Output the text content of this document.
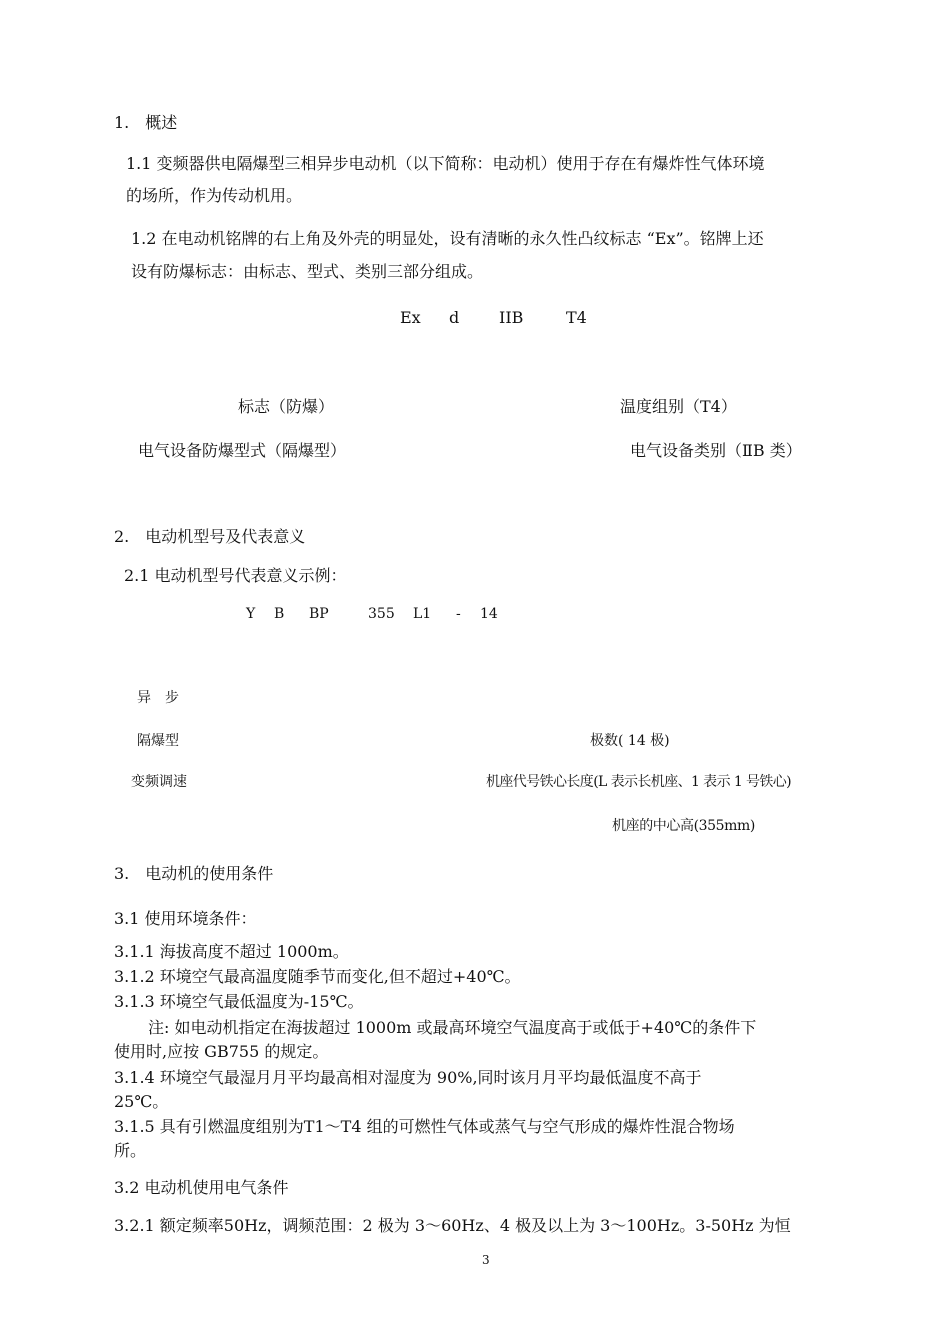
1.　概述
1.1 变频器供电隔爆型三相异步电动机（以下简称：电动机）使用于存在有爆炸性气体环境
的场所，作为传动机用。
1.2 在电动机铭牌的右上角及外壳的明显处，设有清晰的永久性凸纹标志 “Ex”。铭牌上还
设有防爆标志：由标志、型式、类别三部分组成。
Ex d IIB	T4
标志（防爆）	温度组别（T4）
电气设备防爆型式（隔爆型）	电气设备类别（ⅡB 类）
2.　电动机型号及代表意义
2.1 电动机型号代表意义示例：
Y B BP	355 L1 - 14
异　步
隔爆型	极数( 14 极)
变频调速	机座代号铁心长度(L 表示长机座、1 表示 1 号铁心)
机座的中心高(355mm)
3.　电动机的使用条件
3.1 使用环境条件：
3.1.1 海拔高度不超过 1000m。
3.1.2 环境空气最高温度随季节而变化,但不超过+40℃。
3.1.3 环境空气最低温度为-15℃。
注: 如电动机指定在海拔超过 1000m 或最高环境空气温度高于或低于+40℃的条件下
使用时,应按 GB755 的规定。
3.1.4 环境空气最湿月月平均最高相对湿度为 90%,同时该月月平均最低温度不高于
25℃。
3.1.5 具有引燃温度组别为T1～T4 组的可燃性气体或蒸气与空气形成的爆炸性混合物场
所。
3.2 电动机使用电气条件
3.2.1 额定频率50Hz，调频范围：2 极为 3～60Hz、4 极及以上为 3～100Hz。3-50Hz 为恒
3
